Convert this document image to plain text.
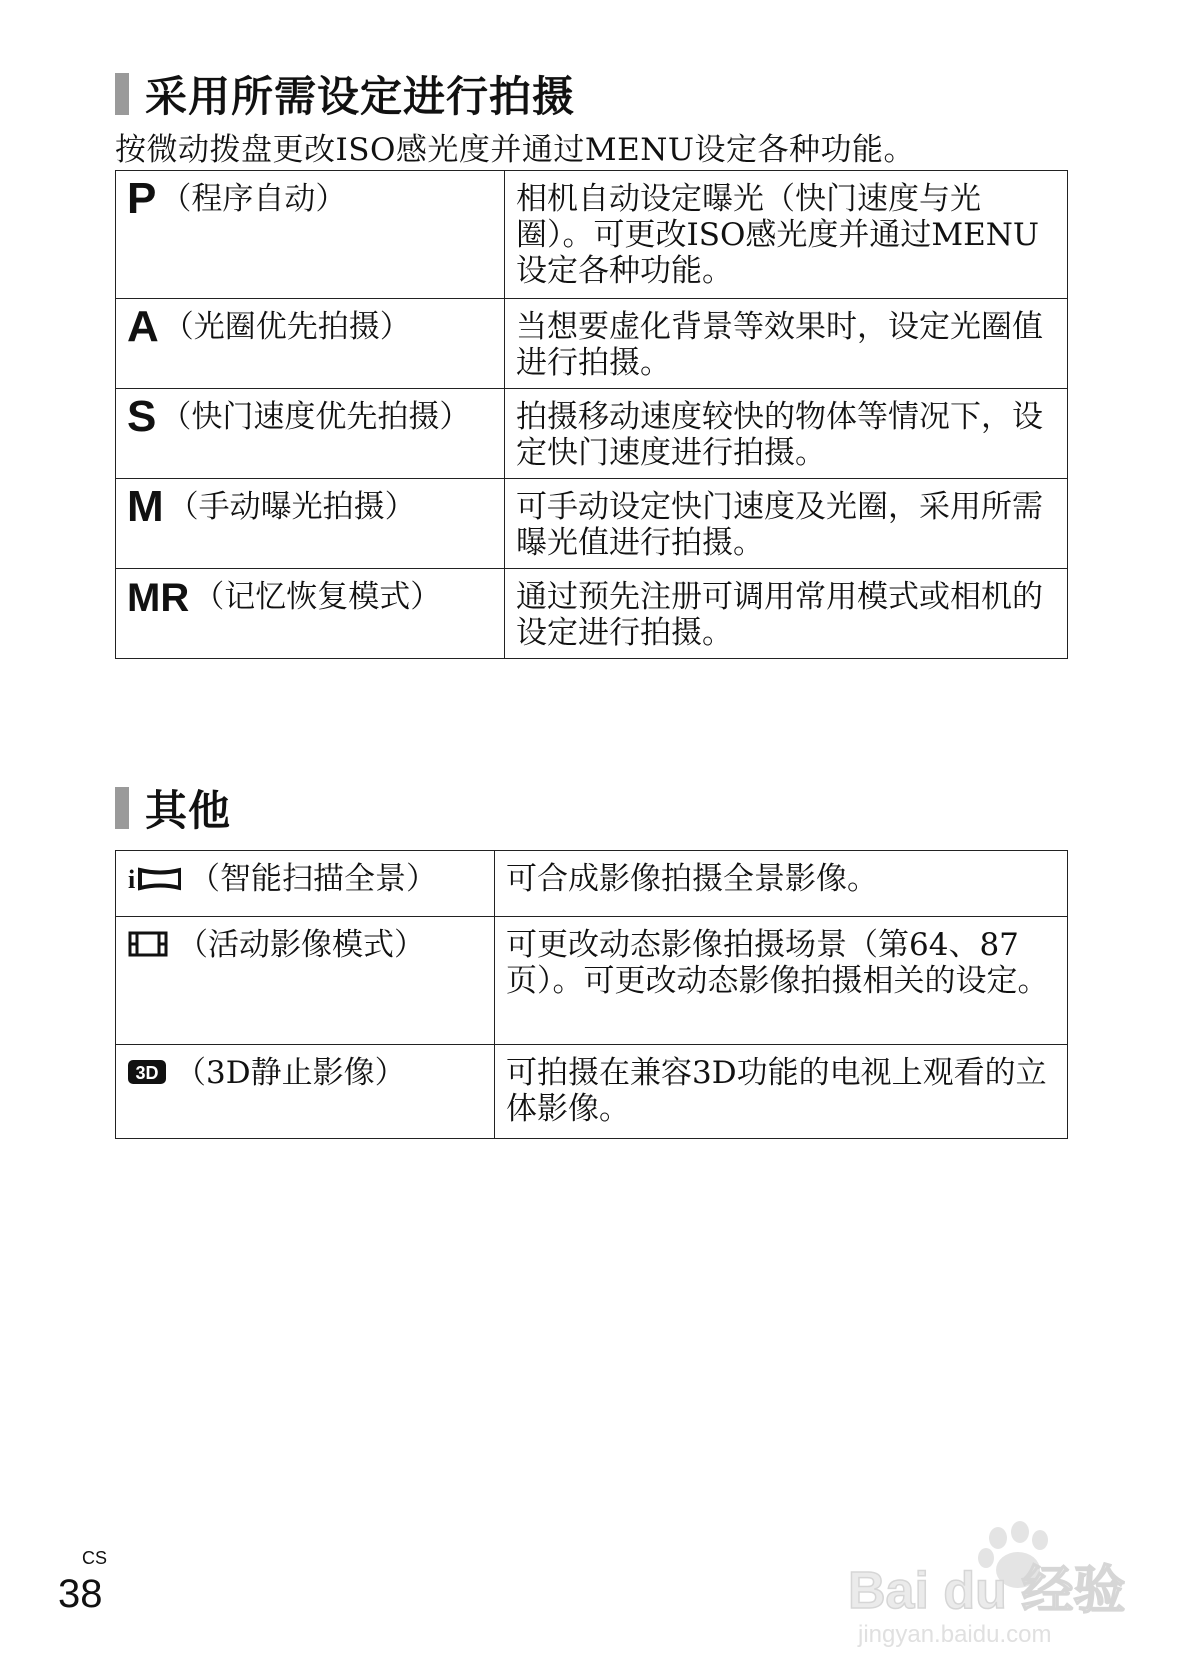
采用所需设定进行拍摄
按微动拨盘更改ISO感光度并通过MENU设定各种功能。
P （程序自动）	相机自动设定曝光（快门速度与光圈）。可更改ISO感光度并通过MENU设定各种功能。
A （光圈优先拍摄）	当想要虚化背景等效果时，设定光圈值进行拍摄。
S （快门速度优先拍摄）	拍摄移动速度较快的物体等情况下，设定快门速度进行拍摄。
M （手动曝光拍摄）	可手动设定快门速度及光圈，采用所需曝光值进行拍摄。
MR （记忆恢复模式）	通过预先注册可调用常用模式或相机的设定进行拍摄。
其他
i （智能扫描全景）	可合成影像拍摄全景影像。
（活动影像模式）	可更改动态影像拍摄场景（第64、87页）。可更改动态影像拍摄相关的设定。

3D （3D静止影像）	可拍摄在兼容3D功能的电视上观看的立体影像。
CS
38	Bai du 经验
jingyan.baidu.com
